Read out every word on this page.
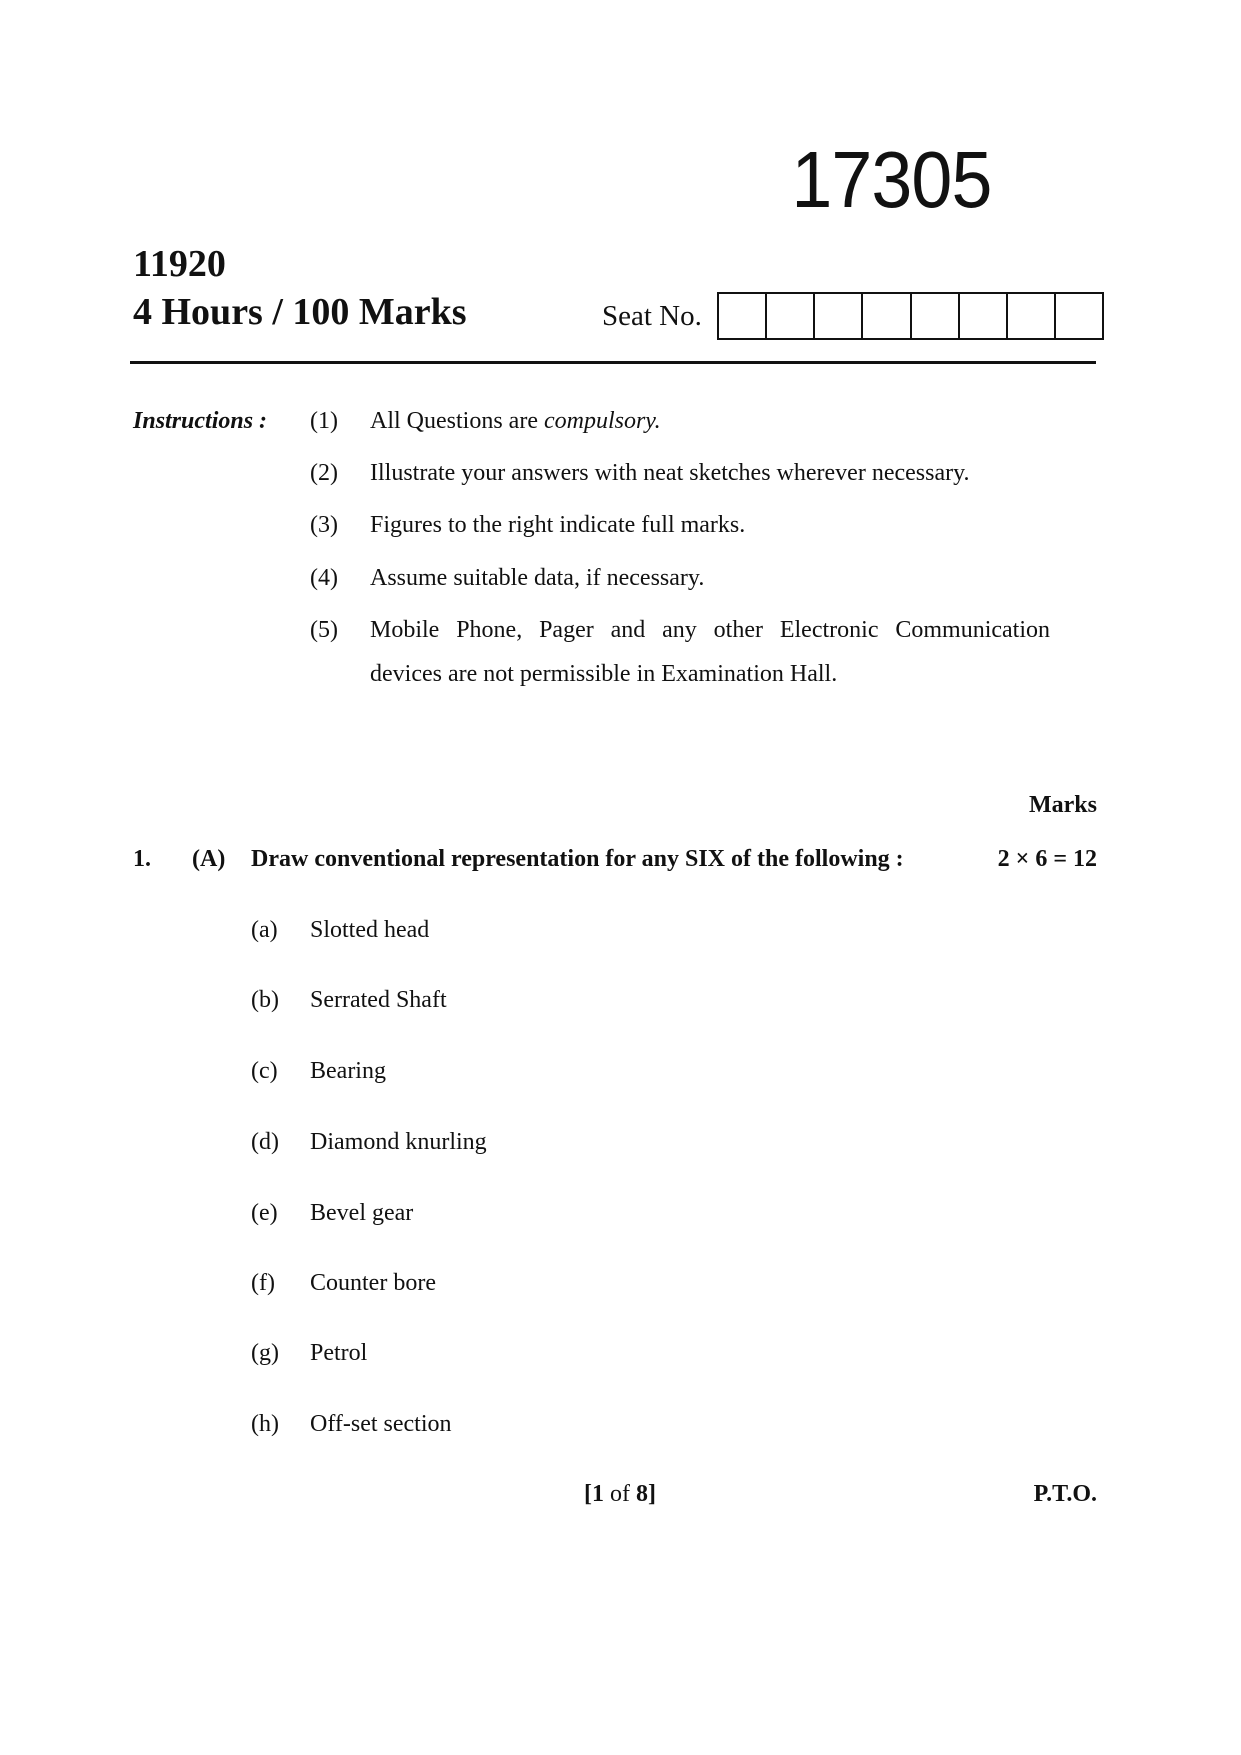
17305
11920
4 Hours / 100 Marks	Seat No.
Instructions : (1) All Questions are compulsory.
(2) Illustrate your answers with neat sketches wherever necessary.
(3) Figures to the right indicate full marks.
(4) Assume suitable data, if necessary.
(5) Mobile Phone, Pager and any other Electronic Communication
devices are not permissible in Examination Hall.
Marks
1. (A) Draw conventional representation for any SIX of the following :	2 × 6 = 12
(a) Slotted head
(b) Serrated Shaft
(c) Bearing
(d) Diamond knurling
(e) Bevel gear
(f) Counter bore
(g) Petrol
(h) Off-set section
[1 of 8]	P.T.O.
